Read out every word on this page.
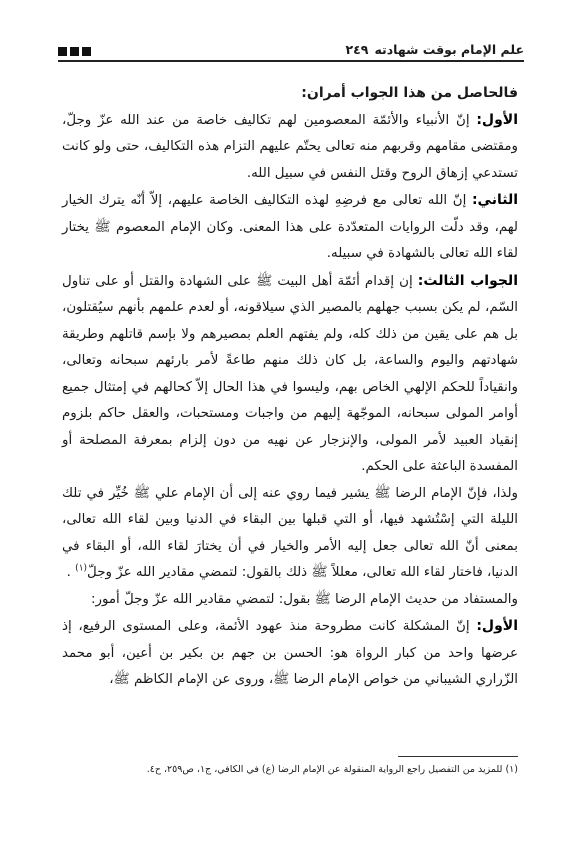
علم الإمام بوقت شهادته
٢٤٩

فالحاصل من هذا الجواب أمران:

الأول: إنّ الأنبياء والأئمّة المعصومين لهم تكاليف خاصة من عند الله عزّ وجلّ، ومقتضى مقامهم وقربهم منه تعالى يحتّم عليهم التزام هذه التكاليف، حتى ولو كانت تستدعي إزهاق الروح وقتل النفس في سبيل الله.

الثاني: إنّ الله تعالى مع فرضِهِ لهذه التكاليف الخاصة عليهم، إلاّ أنّه يترك الخيار لهم، وقد دلّت الروايات المتعدّدة على هذا المعنى. وكان الإمام المعصوم ﷺ يختار لقاء الله تعالى بالشهادة في سبيله.

الجواب الثالث: إن إقدام أئمّة أهل البيت ﷺ على الشهادة والقتل أو على تناول السّم، لم يكن بسبب جهلهم بالمصير الذي سيلاقونه، أو لعدم علمهم بأنهم سيُقتلون، بل هم على يقين من ذلك كله، ولم يفتهم العلم بمصيرهم ولا بإسم قاتلهم وطريقة شهادتهم واليوم والساعة، بل كان ذلك منهم طاعةً لأمر بارئهم سبحانه وتعالى، وانقياداً للحكم الإلهي الخاص بهم، وليسوا في هذا الحال إلاّ كحالهم في إمتثال جميع أوامر المولى سبحانه، الموجّهة إليهم من واجبات ومستحبات، والعقل حاكم بلزوم إنقياد العبيد لأمر المولى، والإنزجار عن نهيه من دون إلزام بمعرفة المصلحة أو المفسدة الباعثة على الحكم.

ولذا، فإنّ الإمام الرضا ﷺ يشير فيما روي عنه إلى أن الإمام علي ﷺ خُيِّر في تلك الليلة التي إسْتُشهد فيها، أو التي قبلها بين البقاء في الدنيا وبين لقاء الله تعالى، بمعنى أنّ الله تعالى جعل إليه الأمر والخيار في أن يختارَ لقاء الله، أو البقاء في الدنيا، فاختار لقاء الله تعالى، معللاً ﷺ ذلك بالقول: لتمضي مقادير الله عزّ وجلّ$^{(١)}$ .

والمستفاد من حديث الإمام الرضا ﷺ بقول: لتمضي مقادير الله عزّ وجلّ أمور:

الأول: إنّ المشكلة كانت مطروحة منذ عهود الأئمة، وعلى المستوى الرفيع، إذ عرضها واحد من كبار الرواة هو: الحسن بن جهم بن بكير بن أعين، أبو محمد الزّراري الشيباني من خواص الإمام الرضا ﷺ، وروى عن الإمام الكاظم ﷺ،

(١) للمزيد من التفصيل راجع الرواية المنقولة عن الإمام الرضا (ع) في الكافي، ج١، ص٢٥٩، ح٤.
